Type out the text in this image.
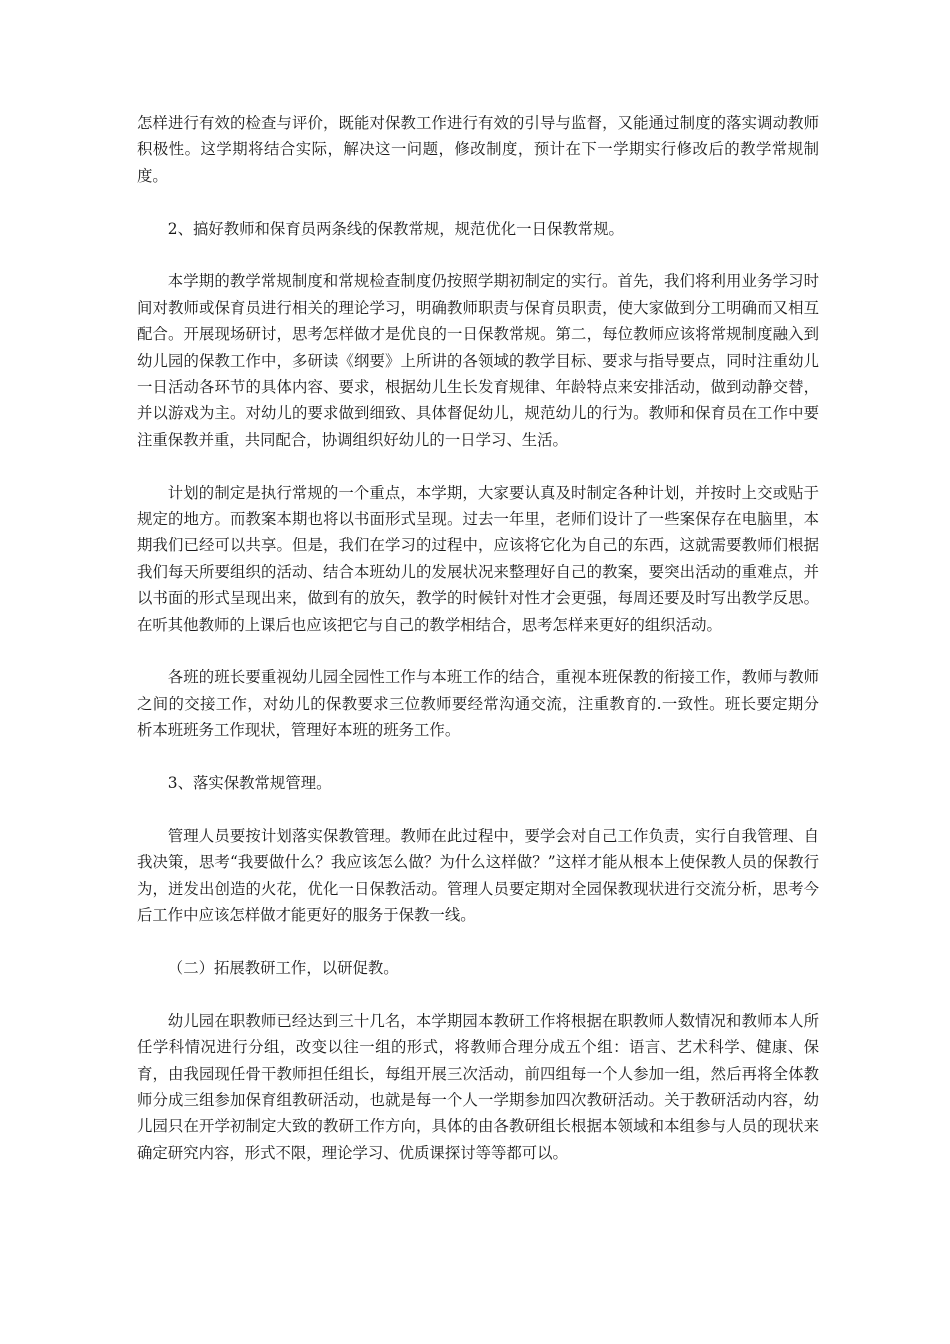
怎样进行有效的检查与评价，既能对保教工作进行有效的引导与监督，又能通过制度的落实调动教师积极性。这学期将结合实际，解决这一问题，修改制度，预计在下一学期实行修改后的教学常规制度。

2、搞好教师和保育员两条线的保教常规，规范优化一日保教常规。

本学期的教学常规制度和常规检查制度仍按照学期初制定的实行。首先，我们将利用业务学习时间对教师或保育员进行相关的理论学习，明确教师职责与保育员职责，使大家做到分工明确而又相互配合。开展现场研讨，思考怎样做才是优良的一日保教常规。第二，每位教师应该将常规制度融入到幼儿园的保教工作中，多研读《纲要》上所讲的各领域的教学目标、要求与指导要点，同时注重幼儿一日活动各环节的具体内容、要求，根据幼儿生长发育规律、年龄特点来安排活动，做到动静交替，并以游戏为主。对幼儿的要求做到细致、具体督促幼儿，规范幼儿的行为。教师和保育员在工作中要注重保教并重，共同配合，协调组织好幼儿的一日学习、生活。

计划的制定是执行常规的一个重点，本学期，大家要认真及时制定各种计划，并按时上交或贴于规定的地方。而教案本期也将以书面形式呈现。过去一年里，老师们设计了一些案保存在电脑里，本期我们已经可以共享。但是，我们在学习的过程中，应该将它化为自己的东西，这就需要教师们根据我们每天所要组织的活动、结合本班幼儿的发展状况来整理好自己的教案，要突出活动的重难点，并以书面的形式呈现出来，做到有的放矢，教学的时候针对性才会更强，每周还要及时写出教学反思。在听其他教师的上课后也应该把它与自己的教学相结合，思考怎样来更好的组织活动。

各班的班长要重视幼儿园全园性工作与本班工作的结合，重视本班保教的衔接工作，教师与教师之间的交接工作，对幼儿的保教要求三位教师要经常沟通交流，注重教育的.一致性。班长要定期分析本班班务工作现状，管理好本班的班务工作。

3、落实保教常规管理。

管理人员要按计划落实保教管理。教师在此过程中，要学会对自己工作负责，实行自我管理、自我决策，思考“我要做什么？我应该怎么做？为什么这样做？”这样才能从根本上使保教人员的保教行为，迸发出创造的火花，优化一日保教活动。管理人员要定期对全园保教现状进行交流分析，思考今后工作中应该怎样做才能更好的服务于保教一线。

（二）拓展教研工作，以研促教。

幼儿园在职教师已经达到三十几名，本学期园本教研工作将根据在职教师人数情况和教师本人所任学科情况进行分组，改变以往一组的形式，将教师合理分成五个组：语言、艺术科学、健康、保育，由我园现任骨干教师担任组长，每组开展三次活动，前四组每一个人参加一组，然后再将全体教师分成三组参加保育组教研活动，也就是每一个人一学期参加四次教研活动。关于教研活动内容，幼儿园只在开学初制定大致的教研工作方向，具体的由各教研组长根据本领域和本组参与人员的现状来确定研究内容，形式不限，理论学习、优质课探讨等等都可以。
